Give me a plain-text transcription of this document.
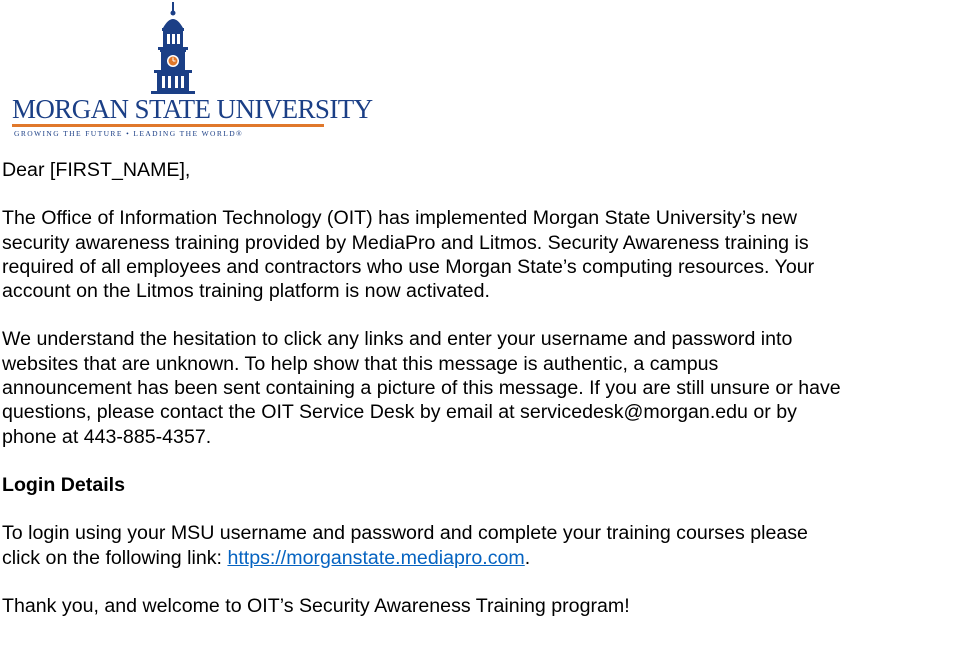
MORGAN STATE UNIVERSITY
GROWING THE FUTURE • LEADING THE WORLD®

Dear [FIRST_NAME],

The Office of Information Technology (OIT) has implemented Morgan State University’s new

security awareness training provided by MediaPro and Litmos. Security Awareness training is

required of all employees and contractors who use Morgan State’s computing resources. Your

account on the Litmos training platform is now activated.

We understand the hesitation to click any links and enter your username and password into

websites that are unknown. To help show that this message is authentic, a campus

announcement has been sent containing a picture of this message. If you are still unsure or have

questions, please contact the OIT Service Desk by email at servicedesk@morgan.edu or by

phone at 443-885-4357.

Login Details

To login using your MSU username and password and complete your training courses please

click on the following link: https://morganstate.mediapro.com.

Thank you, and welcome to OIT’s Security Awareness Training program!
